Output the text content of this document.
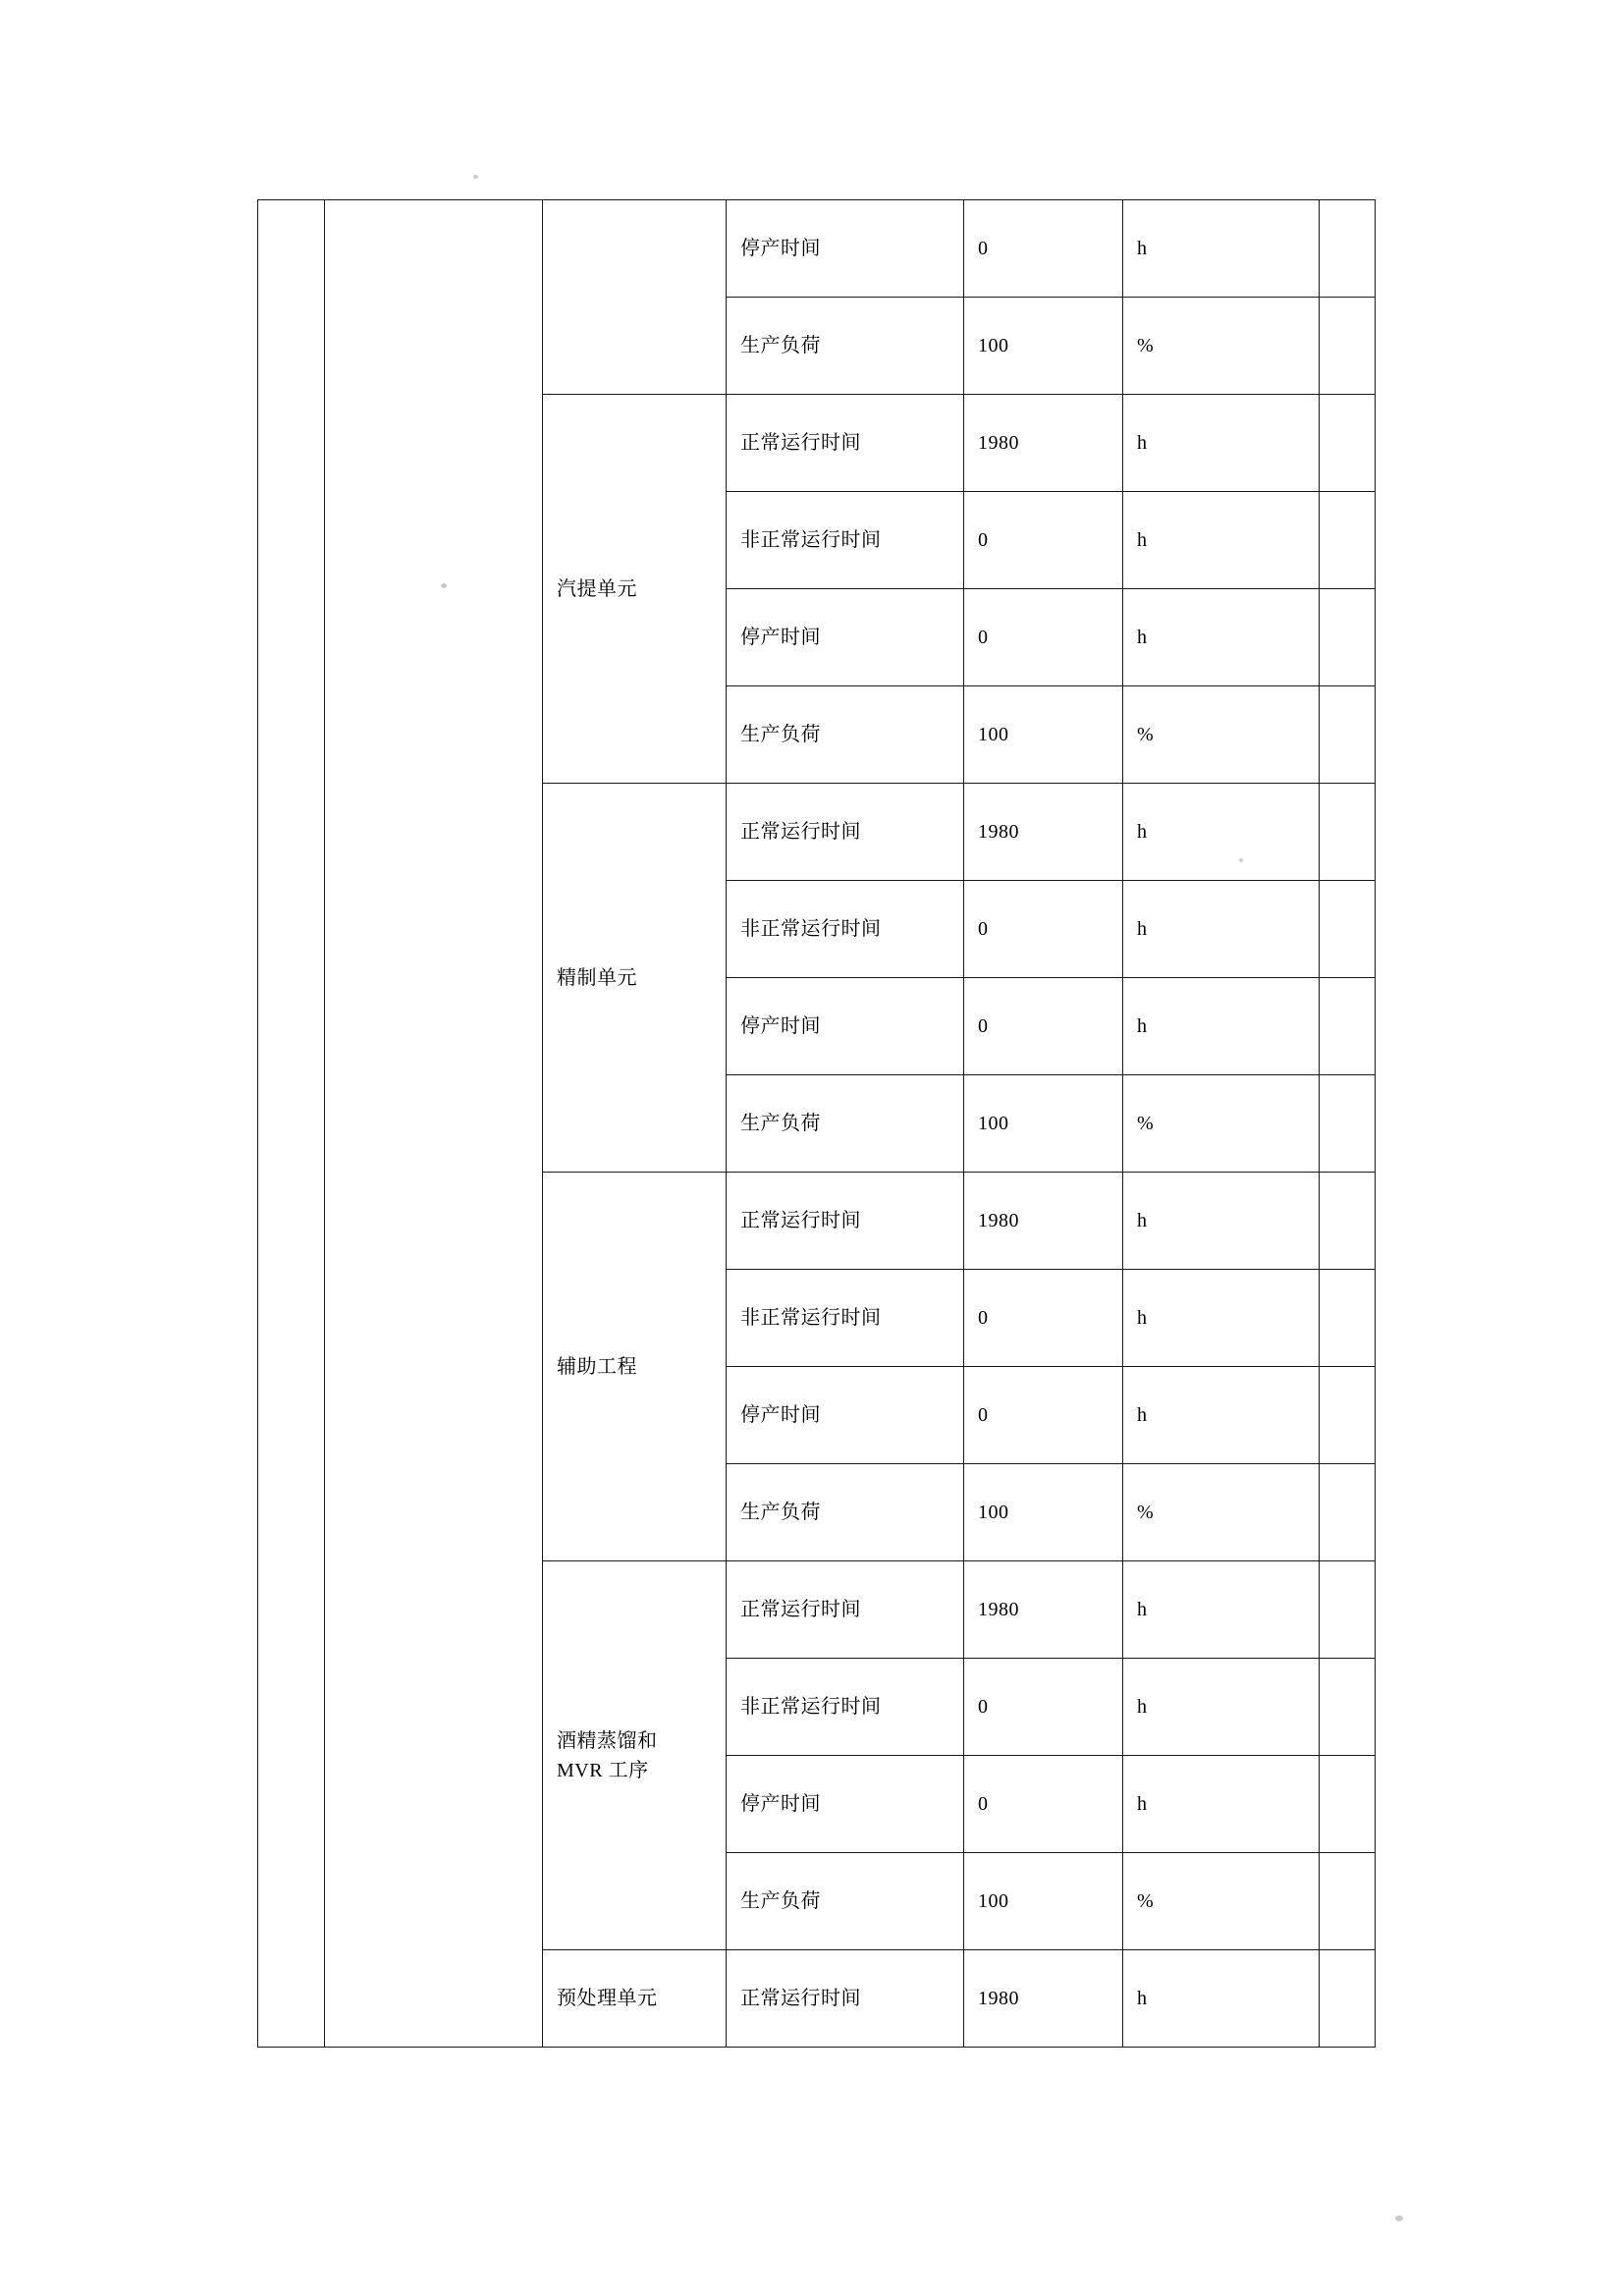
			停产时间	0	h	
			生产负荷	100	%	
		汽提单元	正常运行时间	1980	h	
			非正常运行时间	0	h	
			停产时间	0	h	
			生产负荷	100	%	
		精制单元	正常运行时间	1980	h	
			非正常运行时间	0	h	
			停产时间	0	h	
			生产负荷	100	%	
		辅助工程	正常运行时间	1980	h	
			非正常运行时间	0	h	
			停产时间	0	h	
			生产负荷	100	%	
		酒精蒸馏和
MVR 工序	正常运行时间	1980	h	
			非正常运行时间	0	h	
			停产时间	0	h	
			生产负荷	100	%	
		预处理单元	正常运行时间	1980	h	
